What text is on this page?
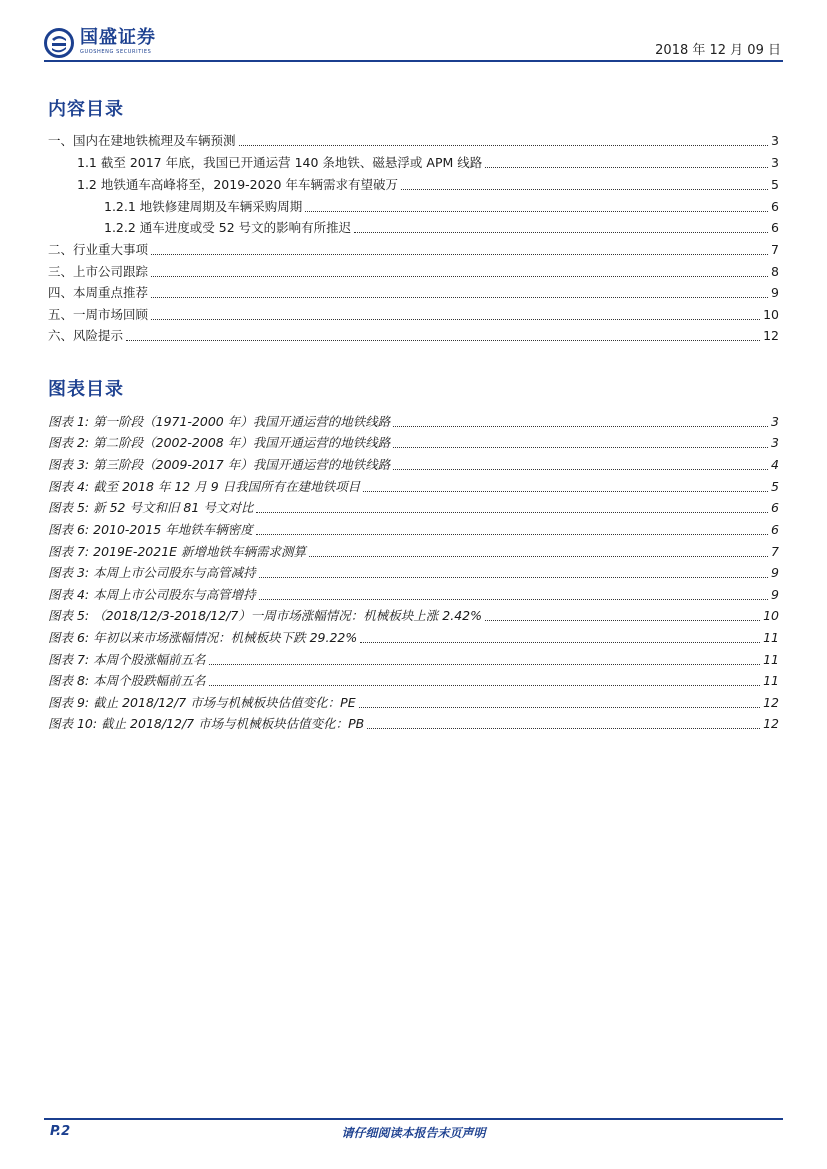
国盛证券
GUOSHENG SECURITIES	2018 年 12 月 09 日
内容目录
一、国内在建地铁梳理及车辆预测	3
1.1 截至 2017 年底，我国已开通运营 140 条地铁、磁悬浮或 APM 线路	3
1.2 地铁通车高峰将至，2019-2020 年车辆需求有望破万	5
1.2.1 地铁修建周期及车辆采购周期	6
1.2.2 通车进度或受 52 号文的影响有所推迟	6
二、行业重大事项	7
三、上市公司跟踪	8
四、本周重点推荐	9
五、一周市场回顾	10
六、风险提示	12
图表目录
图表 1: 第一阶段（1971-2000 年）我国开通运营的地铁线路	3
图表 2: 第二阶段（2002-2008 年）我国开通运营的地铁线路	3
图表 3: 第三阶段（2009-2017 年）我国开通运营的地铁线路	4
图表 4: 截至 2018 年 12 月 9 日我国所有在建地铁项目	5
图表 5: 新 52 号文和旧 81 号文对比	6
图表 6: 2010-2015 年地铁车辆密度	6
图表 7: 2019E-2021E 新增地铁车辆需求测算	7
图表 3: 本周上市公司股东与高管减持	9
图表 4: 本周上市公司股东与高管增持	9
图表 5: （2018/12/3-2018/12/7）一周市场涨幅情况：机械板块上涨 2.42%	10
图表 6: 年初以来市场涨幅情况：机械板块下跌 29.22%	11
图表 7: 本周个股涨幅前五名	11
图表 8: 本周个股跌幅前五名	11
图表 9: 截止 2018/12/7 市场与机械板块估值变化：PE	12
图表 10: 截止 2018/12/7 市场与机械板块估值变化：PB	12
请仔细阅读本报告末页声明
P.2
